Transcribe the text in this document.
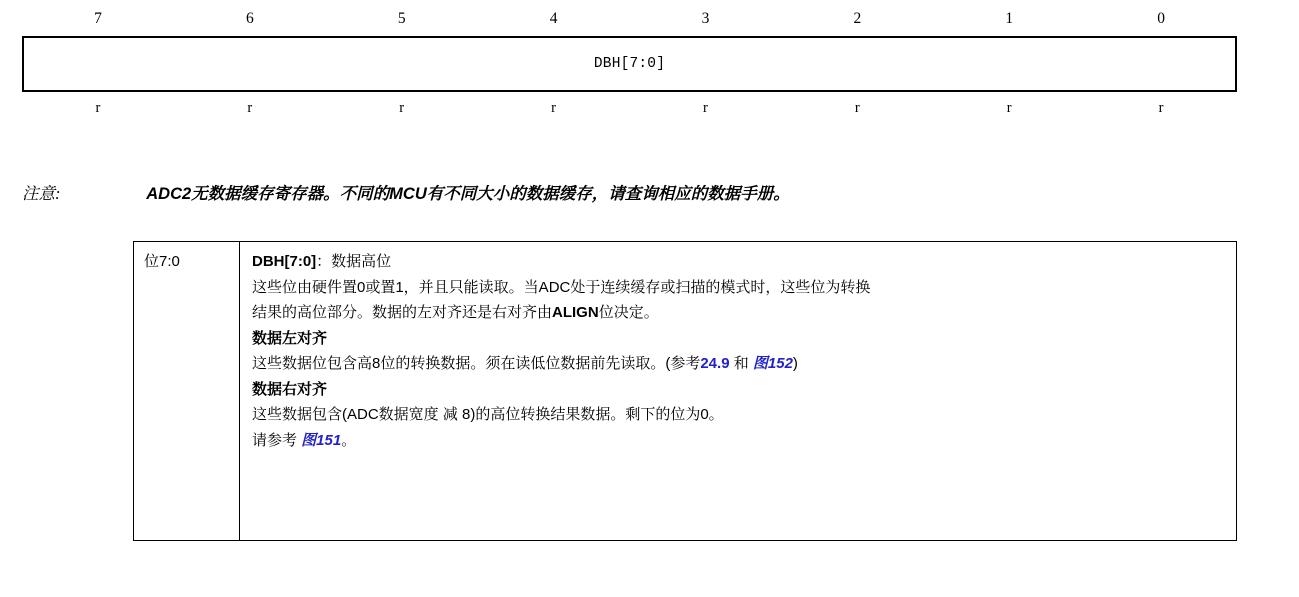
7	6	5	4	3	2	1	0
DBH[7:0]
r	r	r	r	r	r	r	r
注意:	ADC2无数据缓存寄存器。不同的MCU有不同大小的数据缓存，请查询相应的数据手册。
位7:0	DBH[7:0]：数据高位

这些位由硬件置0或置1，并且只能读取。当ADC处于连续缓存或扫描的模式时，这些位为转换

结果的高位部分。数据的左对齐还是右对齐由ALIGN位决定。

数据左对齐

这些数据位包含高8位的转换数据。须在读低位数据前先读取。(参考24.9 和 图152)

数据右对齐

这些数据包含(ADC数据宽度 减 8)的高位转换结果数据。剩下的位为0。

请参考 图151。
